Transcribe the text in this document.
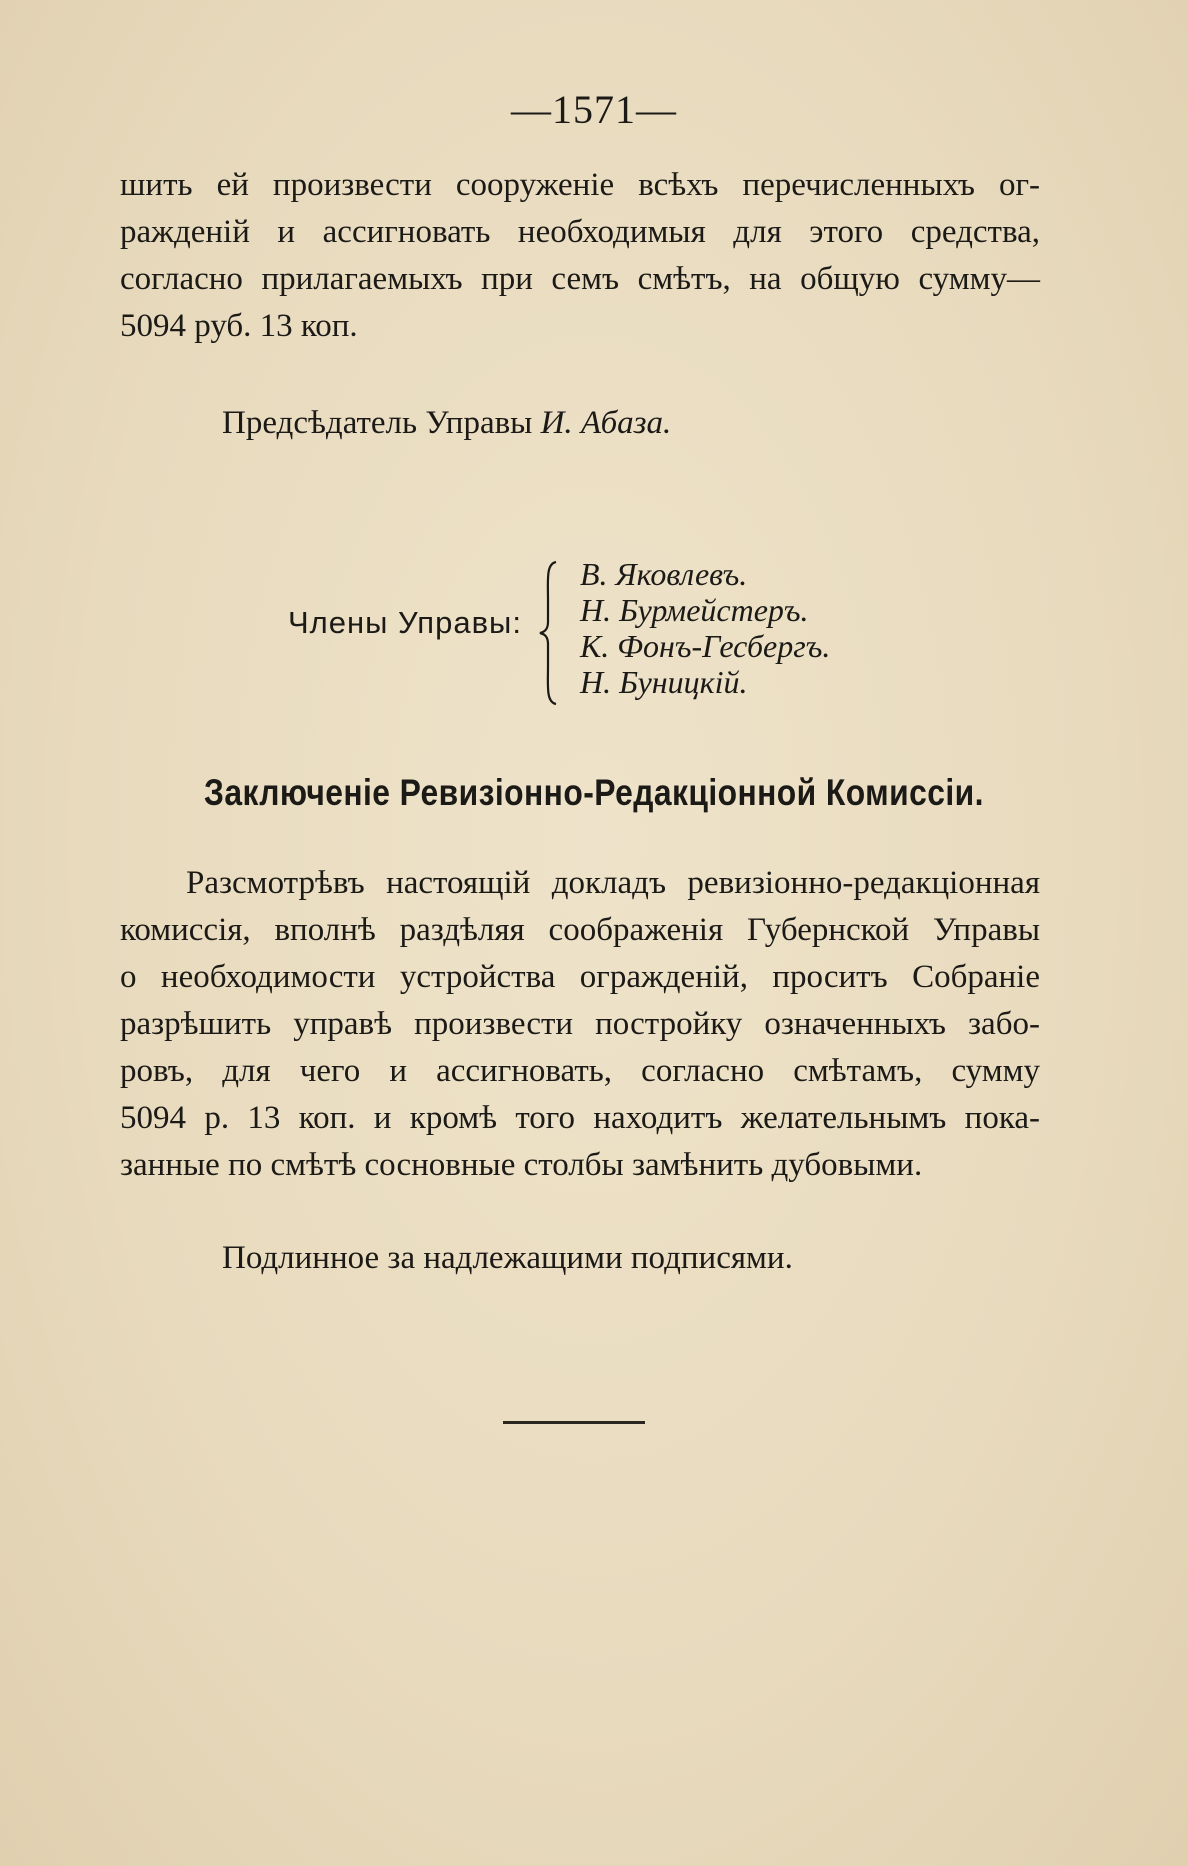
—1571—
шить ей произвести сооруженіе всѣхъ перечисленныхъ ог-
ражденій и ассигновать необходимыя для этого средства,
согласно прилагаемыхъ при семъ смѣтъ, на общую сумму—
5094 руб. 13 коп.
Предсѣдатель Управы И. Абаза.
Члены Управы:
В. Яковлевъ.
Н. Бурмейстеръ.
К. Фонъ-Гесбергъ.
Н. Буницкій.
Заключеніе Ревизіонно-Редакціонной Комиссіи.
Разсмотрѣвъ настоящій докладъ ревизіонно-редакціонная
комиссія, вполнѣ раздѣляя соображенія Губернской Управы
о необходимости устройства огражденій, проситъ Собраніе
разрѣшить управѣ произвести постройку означенныхъ забо-
ровъ, для чего и ассигновать, согласно смѣтамъ, сумму
5094 р. 13 коп. и кромѣ того находитъ желательнымъ пока-
занные по смѣтѣ сосновные столбы замѣнить дубовыми.
Подлинное за надлежащими подписями.
